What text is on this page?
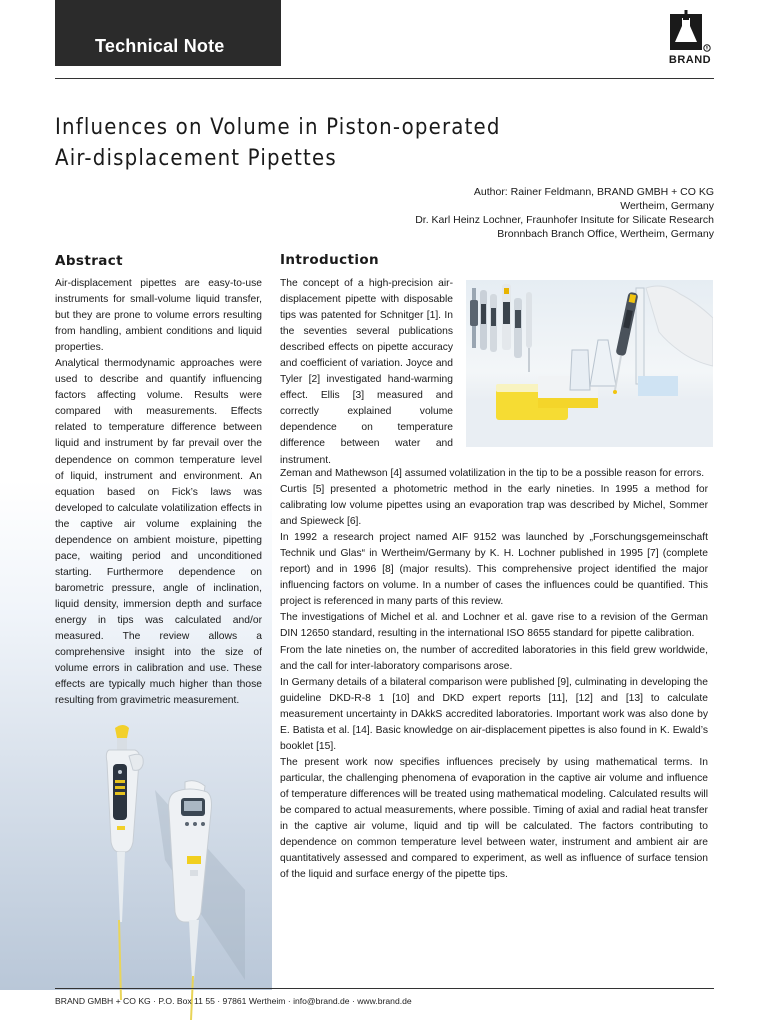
Technical Note	R
BRAND
Influences on Volume in Piston-operated
Air-displacement Pipettes
Author: Rainer Feldmann, BRAND GMBH + CO KG
Wertheim, Germany
Dr. Karl Heinz Lochner, Fraunhofer Insitute for Silicate Research
Bronnbach Branch Office, Wertheim, Germany
Abstract

Air-displacement pipettes are easy-to-use instruments for small-volume liquid transfer, but they are prone to volume errors resulting from handling, ambient conditions and liquid properties.

Analytical thermodynamic approaches were used to describe and quantify influencing factors affecting volume. Results were compared with measurements. Effects related to temperature difference between liquid and instrument by far prevail over the dependence on common temperature level of liquid, instrument and environment. An equation based on Fick’s laws was developed to calculate volatilization effects in the captive air volume explaining the dependence on ambient moisture, pipetting pace, waiting period and unconditioned starting. Furthermore dependence on barometric pressure, angle of inclination, liquid density, immersion depth and surface energy in tips was calculated and/or measured. The review allows a comprehensive insight into the size of volume errors in calibration and use. These effects are typically much higher than those resulting from gravimetric measurement.

Introduction

The concept of a high-precision air-displacement pipette with disposable tips was patented for Schnitger [1]. In the seventies several publications described effects on pipette accuracy and coefficient of variation. Joyce and Tyler [2] investigated hand-warming effect. Ellis [3] measured and correctly explained volume dependence on temperature difference between water and instrument.

Zeman and Mathewson [4] assumed volatilization in the tip to be a possible reason for errors.

Curtis [5] presented a photometric method in the early nineties. In 1995 a method for calibrating low volume pipettes using an evaporation trap was described by Michel, Sommer and Spieweck [6].

In 1992 a research project named AIF 9152 was launched by „Forschungsgemeinschaft Technik und Glas“ in Wertheim/Germany by K. H. Lochner published in 1995 [7] (complete report) and in 1996 [8] (major results). This comprehensive project identified the major influencing factors on volume. In a number of cases the influences could be quantified. This project is referenced in many parts of this review.

The investigations of Michel et al. and Lochner et al. gave rise to a revision of the German DIN 12650 standard, resulting in the international ISO 8655 standard for pipette calibration.

From the late nineties on, the number of accredited laboratories in this field grew worldwide, and the call for inter-laboratory comparisons arose.

In Germany details of a bilateral comparison were published [9], culminating in developing the guideline DKD-R-8 1 [10] and DKD expert reports [11], [12] and [13] to calculate measurement uncertainty in DAkkS accredited laboratories. Important work was also done by E. Batista et al. [14]. Basic knowledge on air-displacement pipettes is also found in K. Ewald’s booklet [15].

The present work now specifies influences precisely by using mathematical terms. In particular, the challenging phenomena of evaporation in the captive air volume and influence of temperature differences will be treated using mathematical modeling. Calculated results will be compared to actual measurements, where possible. Timing of axial and radial heat transfer in the captive air volume, liquid and tip will be calculated. The factors contributing to dependence on common temperature level between water, instrument and ambient air are quantitatively assessed and compared to experiment, as well as influence of surface tension of the liquid and surface energy of the pipette tips.

BRAND GMBH + CO KG · P.O. Box 11 55 · 97861 Wertheim · info@brand.de · www.brand.de
